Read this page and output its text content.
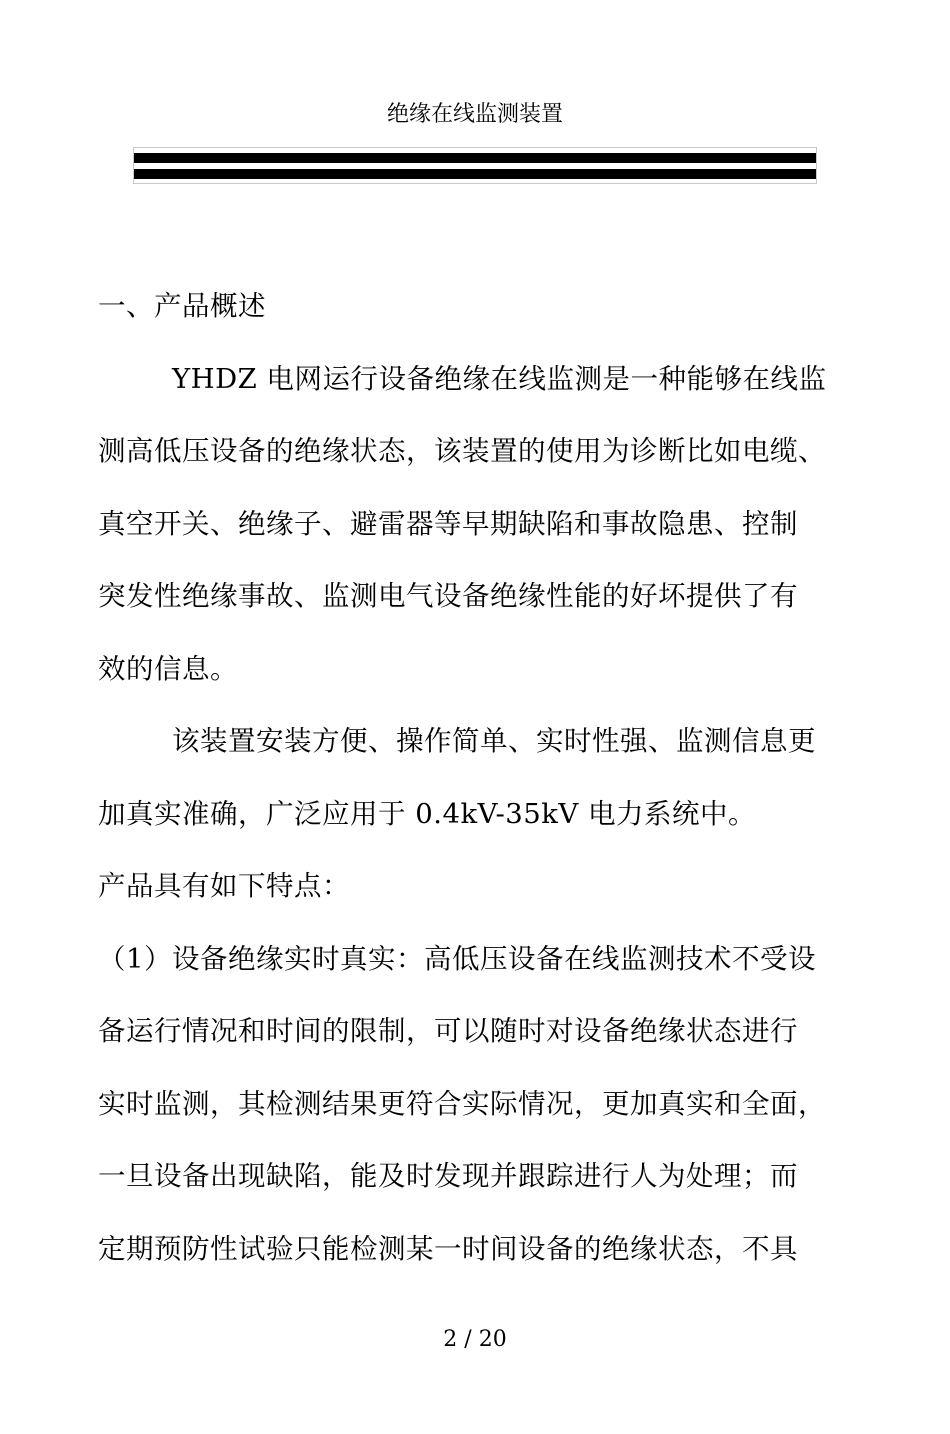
绝缘在线监测装置
一、产品概述
YHDZ 电网运行设备绝缘在线监测是一种能够在线监
测高低压设备的绝缘状态，该装置的使用为诊断比如电缆、
真空开关、绝缘子、避雷器等早期缺陷和事故隐患、控制
突发性绝缘事故、监测电气设备绝缘性能的好坏提供了有
效的信息。
该装置安装方便、操作简单、实时性强、监测信息更
加真实准确，广泛应用于 0.4kV-35kV 电力系统中。
产品具有如下特点：
（1）设备绝缘实时真实：高低压设备在线监测技术不受设
备运行情况和时间的限制，可以随时对设备绝缘状态进行
实时监测，其检测结果更符合实际情况，更加真实和全面，
一旦设备出现缺陷，能及时发现并跟踪进行人为处理；而
定期预防性试验只能检测某一时间设备的绝缘状态，不具
2 / 20
